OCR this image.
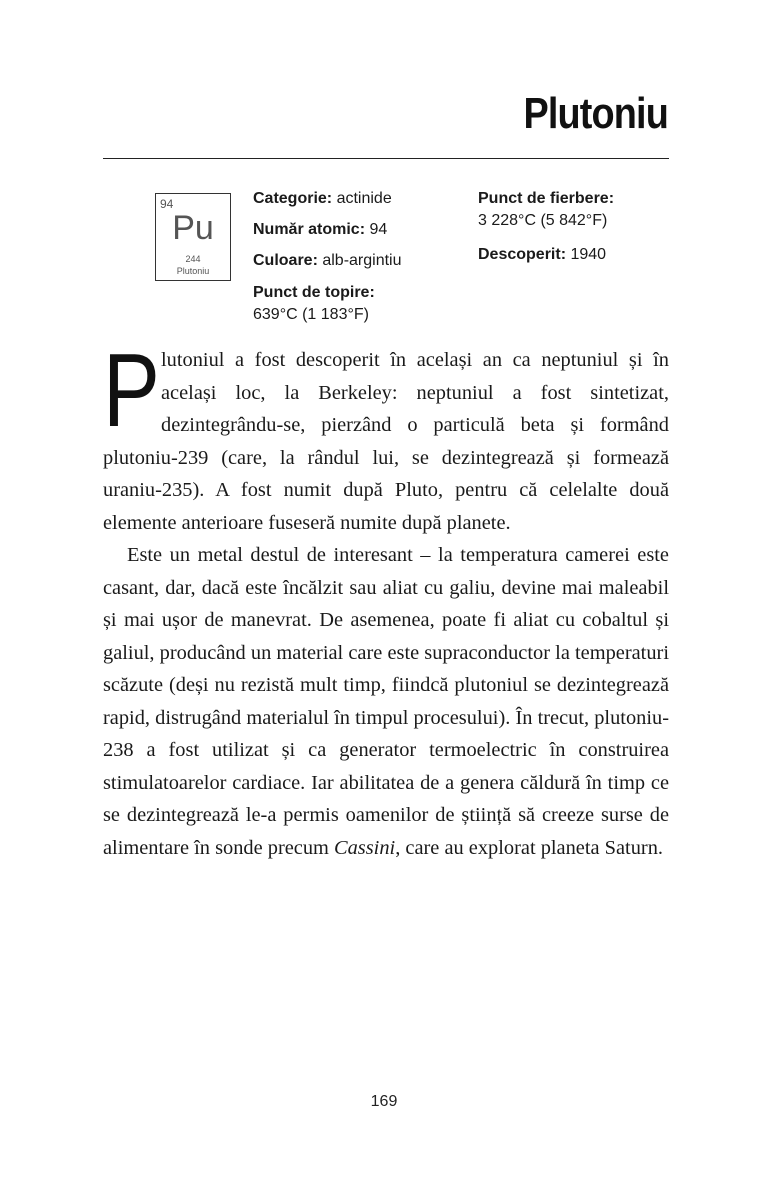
Plutoniu
94
Pu
244
Plutoniu
Categorie: actinide
Număr atomic: 94
Culoare: alb-argintiu
Punct de topire:
639°C (1 183°F)
Punct de fierbere:
3 228°C (5 842°F)
Descoperit: 1940

Plutoniul a fost descoperit în același an ca neptuniul și în același loc, la Berkeley: neptuniul a fost sintetizat, dezintegrându-se, pierzând o particulă beta și formând plutoniu-239 (care, la rândul lui, se dezintegrează și formează uraniu-235). A fost numit după Pluto, pentru că celelalte două elemente anterioare fuseseră numite după planete.

Este un metal destul de interesant – la temperatura camerei este casant, dar, dacă este încălzit sau aliat cu galiu, devine mai maleabil și mai ușor de manevrat. De asemenea, poate fi aliat cu cobaltul și galiul, producând un material care este supraconductor la temperaturi scăzute (deși nu rezistă mult timp, fiindcă plutoniul se dezintegrează rapid, distrugând materialul în timpul procesului). În trecut, plutoniu-238 a fost utilizat și ca generator termoelectric în construirea stimulatoarelor cardiace. Iar abilitatea de a genera căldură în timp ce se dezintegrează le-a permis oamenilor de știință să creeze surse de alimentare în sonde precum Cassini, care au explorat planeta Saturn.

169
